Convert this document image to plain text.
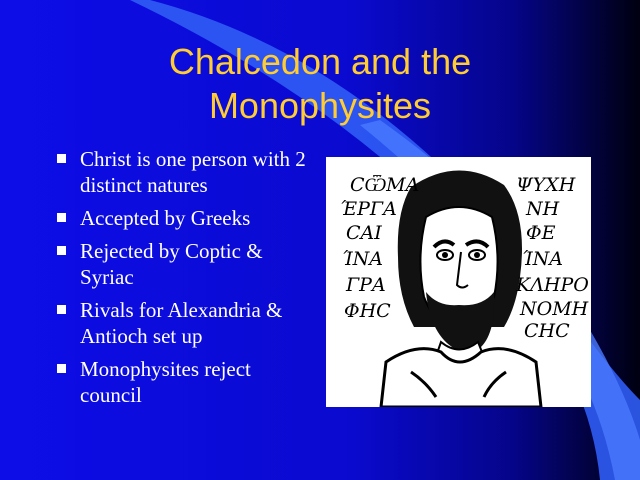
Chalcedon and the
Monophysites
Christ is one person with 2 distinct natures
Accepted by Greeks
Rejected by Coptic & Syriac
Rivals for Alexandria & Antioch set up
Monophysites reject council
CѾMA
ΈΡΓΑ
CAI
ΊΝΑ
ΓΡΑ
ΦΗC
ΨΥΧΗ
ΝΗ
ΦΕ
ΊΝΑ
ΚΛΗΡΟ
ΝΟΜΗ
CHC
